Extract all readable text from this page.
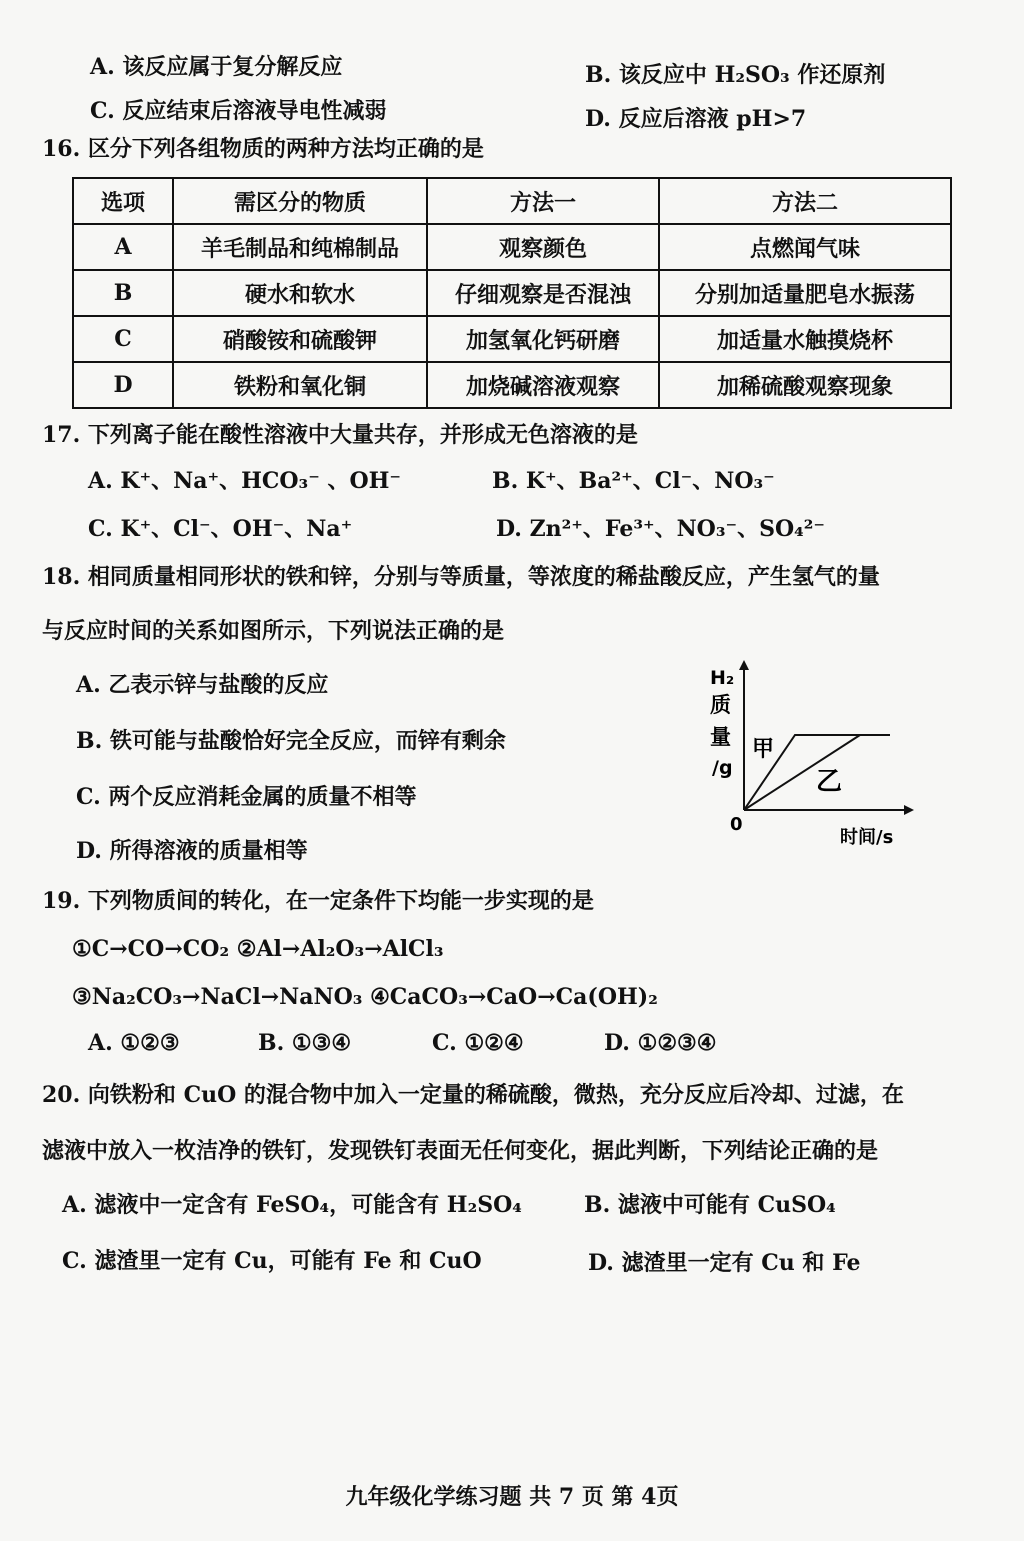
A. 该反应属于复分解反应	B. 该反应中 H₂SO₃ 作还原剂
C. 反应结束后溶液导电性减弱	D. 反应后溶液 pH>7
16. 区分下列各组物质的两种方法均正确的是
选项	需区分的物质	方法一	方法二
A	羊毛制品和纯棉制品	观察颜色	点燃闻气味
B	硬水和软水	仔细观察是否混浊	分别加适量肥皂水振荡
C	硝酸铵和硫酸钾	加氢氧化钙研磨	加适量水触摸烧杯
D	铁粉和氧化铜	加烧碱溶液观察	加稀硫酸观察现象
17. 下列离子能在酸性溶液中大量共存，并形成无色溶液的是
A. K⁺、Na⁺、HCO₃⁻ 、OH⁻	B. K⁺、Ba²⁺、Cl⁻、NO₃⁻
C. K⁺、Cl⁻、OH⁻、Na⁺	D. Zn²⁺、Fe³⁺、NO₃⁻、SO₄²⁻
18. 相同质量相同形状的铁和锌，分别与等质量，等浓度的稀盐酸反应，产生氢气的量
与反应时间的关系如图所示，下列说法正确的是
A. 乙表示锌与盐酸的反应
B. 铁可能与盐酸恰好完全反应，而锌有剩余
C. 两个反应消耗金属的质量不相等
D. 所得溶液的质量相等
H₂
质
量
/g
0
时间/s
甲
乙
19. 下列物质间的转化，在一定条件下均能一步实现的是
①C→CO→CO₂ ②Al→Al₂O₃→AlCl₃
③Na₂CO₃→NaCl→NaNO₃ ④CaCO₃→CaO→Ca(OH)₂
A. ①②③	B. ①③④	C. ①②④	D. ①②③④
20. 向铁粉和 CuO 的混合物中加入一定量的稀硫酸，微热，充分反应后冷却、过滤，在
滤液中放入一枚洁净的铁钉，发现铁钉表面无任何变化，据此判断，下列结论正确的是
A. 滤液中一定含有 FeSO₄，可能含有 H₂SO₄	B. 滤液中可能有 CuSO₄
C. 滤渣里一定有 Cu，可能有 Fe 和 CuO	D. 滤渣里一定有 Cu 和 Fe
九年级化学练习题 共 7 页 第 4页
